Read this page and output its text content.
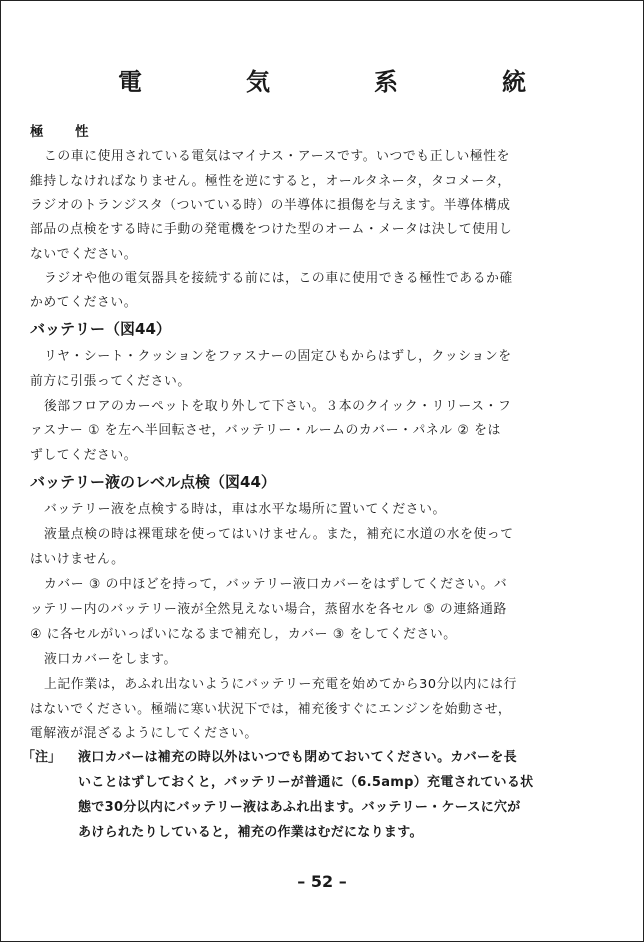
電　気　系　統
極　性
この車に使用されている電気はマイナス・アースです。いつでも正しい極性を
維持しなければなりません。極性を逆にすると，オールタネータ，タコメータ，
ラジオのトランジスタ（ついている時）の半導体に損傷を与えます。半導体構成
部品の点検をする時に手動の発電機をつけた型のオーム・メータは決して使用し
ないでください。
ラジオや他の電気器具を接続する前には，この車に使用できる極性であるか確
かめてください。
バッテリー（図44）
リヤ・シート・クッションをファスナーの固定ひもからはずし，クッションを
前方に引張ってください。
後部フロアのカーペットを取り外して下さい。３本のクイック・リリース・フ
ァスナー ① を左へ半回転させ，バッテリー・ルームのカバー・パネル ② をは
ずしてください。
バッテリー液のレベル点検（図44）
バッテリー液を点検する時は，車は水平な場所に置いてください。
液量点検の時は裸電球を使ってはいけません。また，補充に水道の水を使って
はいけません。
カバー ③ の中ほどを持って，バッテリー液口カバーをはずしてください。バ
ッテリー内のバッテリー液が全然見えない場合，蒸留水を各セル ⑤ の連絡通路
④ に各セルがいっぱいになるまで補充し，カバー ③ をしてください。
液口カバーをします。
上記作業は，あふれ出ないようにバッテリー充電を始めてから30分以内には行
はないでください。極端に寒い状況下では，補充後すぐにエンジンを始動させ，
電解液が混ざるようにしてください。
「注」 液口カバーは補充の時以外はいつでも閉めておいてください。カバーを長
いことはずしておくと，バッテリーが普通に（6.5amp）充電されている状
態で30分以内にバッテリー液はあふれ出ます。バッテリー・ケースに穴が
あけられたりしていると，補充の作業はむだになります。
– 52 –
